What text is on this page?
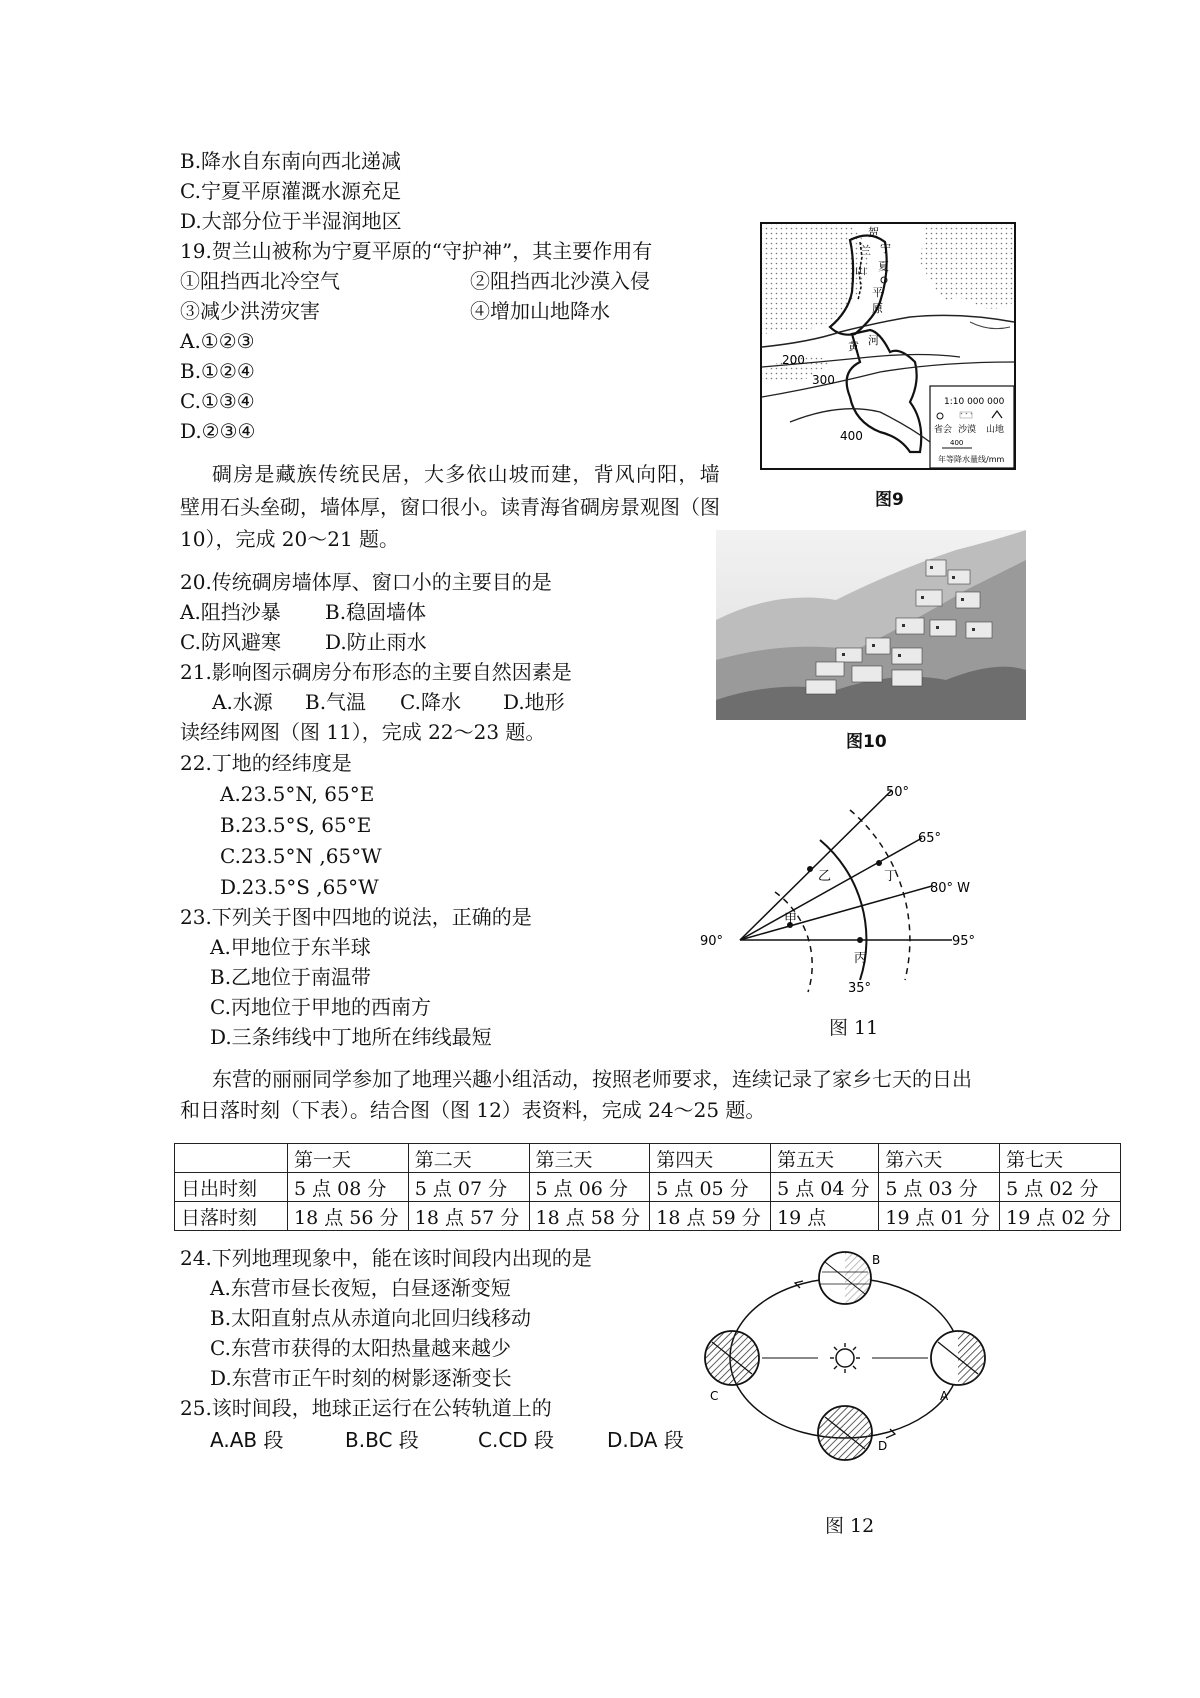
B.降水自东南向西北递减
C.宁夏平原灌溉水源充足
D.大部分位于半湿润地区
19.贺兰山被称为宁夏平原的“守护神”，其主要作用有
①阻挡西北冷空气	②阻挡西北沙漠入侵
③减少洪涝灾害	④增加山地降水
A.①②③
B.①②④
C.①③④
D.②③④
贺
兰
山
宁
夏
平
原
黄 河
200
300
400
1:10 000 000
省会 沙漠 山地
400
年等降水量线/mm
图9
碉房是藏族传统民居，大多依山坡而建，背风向阳，墙
壁用石头垒砌，墙体厚，窗口很小。读青海省碉房景观图（图
10），完成 20～21 题。
图10
20.传统碉房墙体厚、窗口小的主要目的是
A.阻挡沙暴 B.稳固墙体
C.防风避寒 D.防止雨水
21.影响图示碉房分布形态的主要自然因素是
A.水源 B.气温 C.降水 D.地形
读经纬网图（图 11），完成 22～23 题。
22.丁地的经纬度是
A.23.5°N, 65°E
B.23.5°S, 65°E
C.23.5°N ,65°W
D.23.5°S ,65°W
23.下列关于图中四地的说法，正确的是
A.甲地位于东半球
B.乙地位于南温带
C.丙地位于甲地的西南方
D.三条纬线中丁地所在纬线最短
50°
65°
80° W
95°
90°
35°
甲
乙
丙
丁
图 11
东营的丽丽同学参加了地理兴趣小组活动，按照老师要求，连续记录了家乡七天的日出
和日落时刻（下表）。结合图（图 12）表资料，完成 24～25 题。
	第一天	第二天	第三天	第四天	第五天	第六天	第七天
日出时刻	5 点 08 分	5 点 07 分	5 点 06 分	5 点 05 分	5 点 04 分	5 点 03 分	5 点 02 分
日落时刻	18 点 56 分	18 点 57 分	18 点 58 分	18 点 59 分	19 点	19 点 01 分	19 点 02 分
24.下列地理现象中，能在该时间段内出现的是
A.东营市昼长夜短，白昼逐渐变短
B.太阳直射点从赤道向北回归线移动
C.东营市获得的太阳热量越来越少
D.东营市正午时刻的树影逐渐变长
25.该时间段，地球正运行在公转轨道上的
A.AB 段	B.BC 段	C.CD 段	D.DA 段
B
C	A
D
图 12
